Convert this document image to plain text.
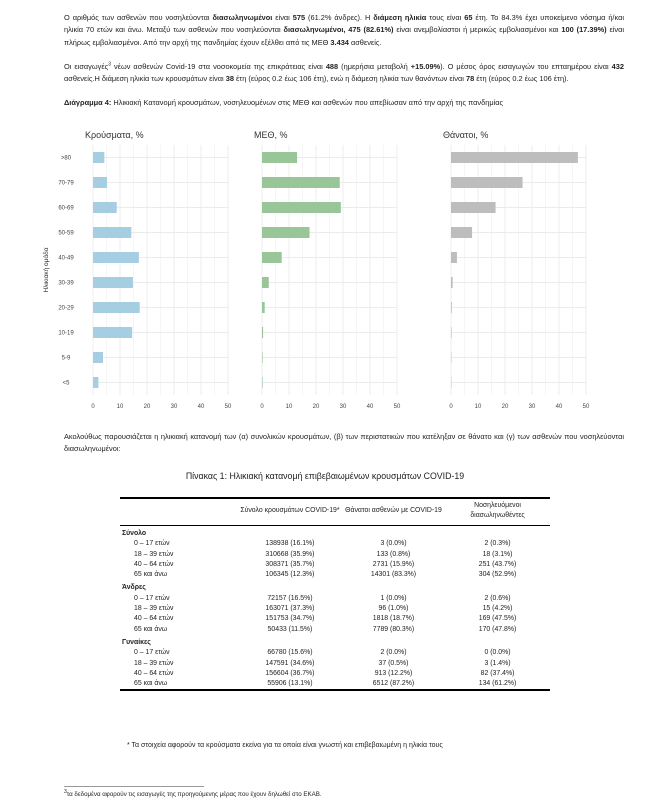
Ο αριθμός των ασθενών που νοσηλεύονται διασωληνωμένοι είναι 575 (61.2% άνδρες). Η διάμεση ηλικία τους είναι 65 έτη. Το 84.3% έχει υποκείμενο νόσημα ή/και ηλικία 70 ετών και άνω. Μεταξύ των ασθενών που νοσηλεύονται διασωληνωμένοι, 475 (82.61%) είναι ανεμβολίαστοι ή μερικώς εμβολιασμένοι και 100 (17.39%) είναι πλήρως εμβολιασμένοι. Από την αρχή της πανδημίας έχουν εξέλθει από τις ΜΕΘ 3.434 ασθενείς.
Οι εισαγωγές$^3$ νέων ασθενών Covid-19 στα νοσοκομεία της επικράτειας είναι 488 (ημερήσια μεταβολή +15.09%). Ο μέσος όρος εισαγωγών του επταημέρου είναι 432 ασθενείς.Η διάμεση ηλικία των κρουσμάτων είναι 38 έτη (εύρος 0.2 έως 106 έτη), ενώ η διάμεση ηλικία των θανόντων είναι 78 έτη (εύρος 0.2 έως 106 έτη).
Διάγραμμα 4: Ηλικιακή Κατανομή κρουσμάτων, νοσηλευομένων στις ΜΕΘ και ασθενών που απεβίωσαν από την αρχή της πανδημίας
Ηλικιακή ομάδα
>80
70-79
60-69
50-59
40-49
30-39
20-29
10-19
5-9
<5
Κρούσματα, %
0	10	20	30	40	50
ΜΕΘ, %
0	10	20	30	40	50
Θάνατοι, %
0	10	20	30	40	50
Ακολούθως παρουσιάζεται η ηλικιακή κατανομή των (α) συνολικών κρουσμάτων, (β) των περιστατικών που κατέληξαν σε θάνατο και (γ) των ασθενών που νοσηλεύονται διασωληνωμένοι:
Πίνακας 1: Ηλικιακή κατανομή επιβεβαιωμένων κρουσμάτων COVID-19
	Σύνολο κρουσμάτων COVID-19*	Θάνατοι ασθενών με COVID-19	Νοσηλευόμενοι διασωληνωθέντες
Σύνολο			
0 – 17 ετών	138938 (16.1%)	3 (0.0%)	2 (0.3%)
18 – 39 ετών	310668 (35.9%)	133 (0.8%)	18 (3.1%)
40 – 64 ετών	308371 (35.7%)	2731 (15.9%)	251 (43.7%)
65 και άνω	106345 (12.3%)	14301 (83.3%)	304 (52.9%)
Άνδρες			
0 – 17 ετών	72157 (16.5%)	1 (0.0%)	2 (0.6%)
18 – 39 ετών	163071 (37.3%)	96 (1.0%)	15 (4.2%)
40 – 64 ετών	151753 (34.7%)	1818 (18.7%)	169 (47.5%)
65 και άνω	50433 (11.5%)	7789 (80.3%)	170 (47.8%)
Γυναίκες			
0 – 17 ετών	66780 (15.6%)	2 (0.0%)	0 (0.0%)
18 – 39 ετών	147591 (34.6%)	37 (0.5%)	3 (1.4%)
40 – 64 ετών	156604 (36.7%)	913 (12.2%)	82 (37.4%)
65 και άνω	55906 (13.1%)	6512 (87.2%)	134 (61.2%)
* Τα στοιχεία αφορούν τα κρούσματα εκείνα για τα οποία είναι γνωστή και επιβεβαιωμένη η ηλικία τους
$^3$τα δεδομένα αφορούν τις εισαγωγές της προηγούμενης μέρας που έχουν δηλωθεί στο ΕΚΑΒ.
